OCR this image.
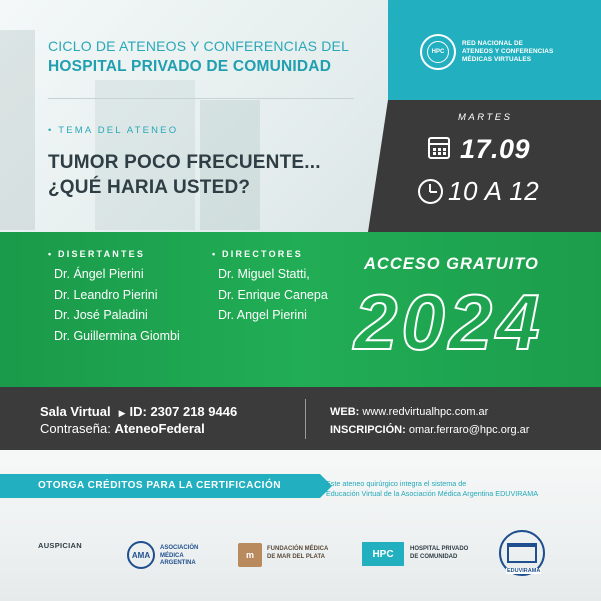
CICLO DE ATENEOS Y CONFERENCIAS DEL
HOSPITAL PRIVADO DE COMUNIDAD
HPC
RED NACIONAL DE
ATENEOS Y CONFERENCIAS
MÉDICAS VIRTUALES
MARTES
17.09
10 A 12
• TEMA DEL ATENEO
TUMOR POCO FRECUENTE...
¿QUÉ HARIA USTED?
• DISERTANTES
Dr. Ángel Pierini
Dr. Leandro Pierini
Dr. José Paladini
Dr. Guillermina Giombi
• DIRECTORES
Dr. Miguel Statti,
Dr. Enrique Canepa
Dr. Angel Pierini
ACCESO GRATUITO
2024
Sala Virtual ▶ ID: 2307 218 9446
Contraseña: AteneoFederal
WEB: www.redvirtualhpc.com.ar
INSCRIPCIÓN: omar.ferraro@hpc.org.ar
OTORGA CRÉDITOS PARA LA CERTIFICACIÓN	Este ateneo quirúrgico integra el sistema de
Educación Virtual de la Asociación Médica Argentina EDUVIRAMA
AUSPICIAN
AMA
ASOCIACIÓN
MÉDICA
ARGENTINA
m
FUNDACIÓN MÉDICA
DE MAR DEL PLATA	HPC	HOSPITAL PRIVADO
DE COMUNIDAD
EDUVIRAMA
